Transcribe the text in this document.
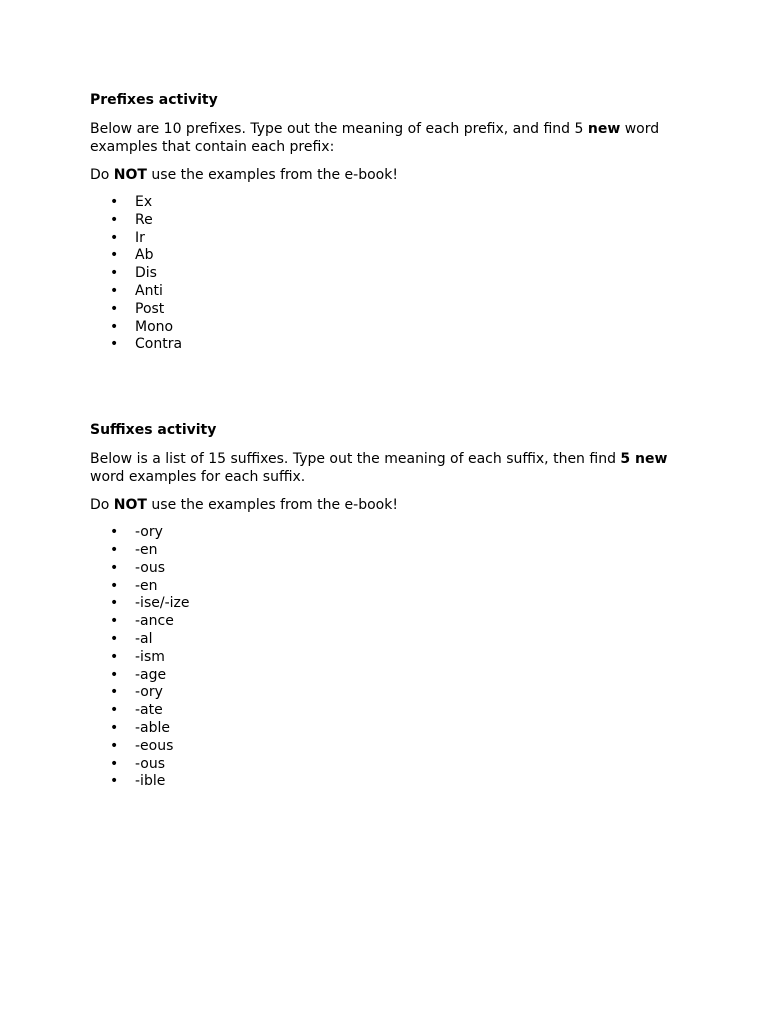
Prefixes activity
Below are 10 prefixes. Type out the meaning of each prefix, and find 5 new word examples that contain each prefix:
Do NOT use the examples from the e-book!
• Ex
• Re
• Ir
• Ab
• Dis
• Anti
• Post
• Mono
• Contra
Suffixes activity
Below is a list of 15 suffixes. Type out the meaning of each suffix, then find 5 new word examples for each suffix.
Do NOT use the examples from the e-book!
• -ory
• -en
• -ous
• -en
• -ise/-ize
• -ance
• -al
• -ism
• -age
• -ory
• -ate
• -able
• -eous
• -ous
• -ible
